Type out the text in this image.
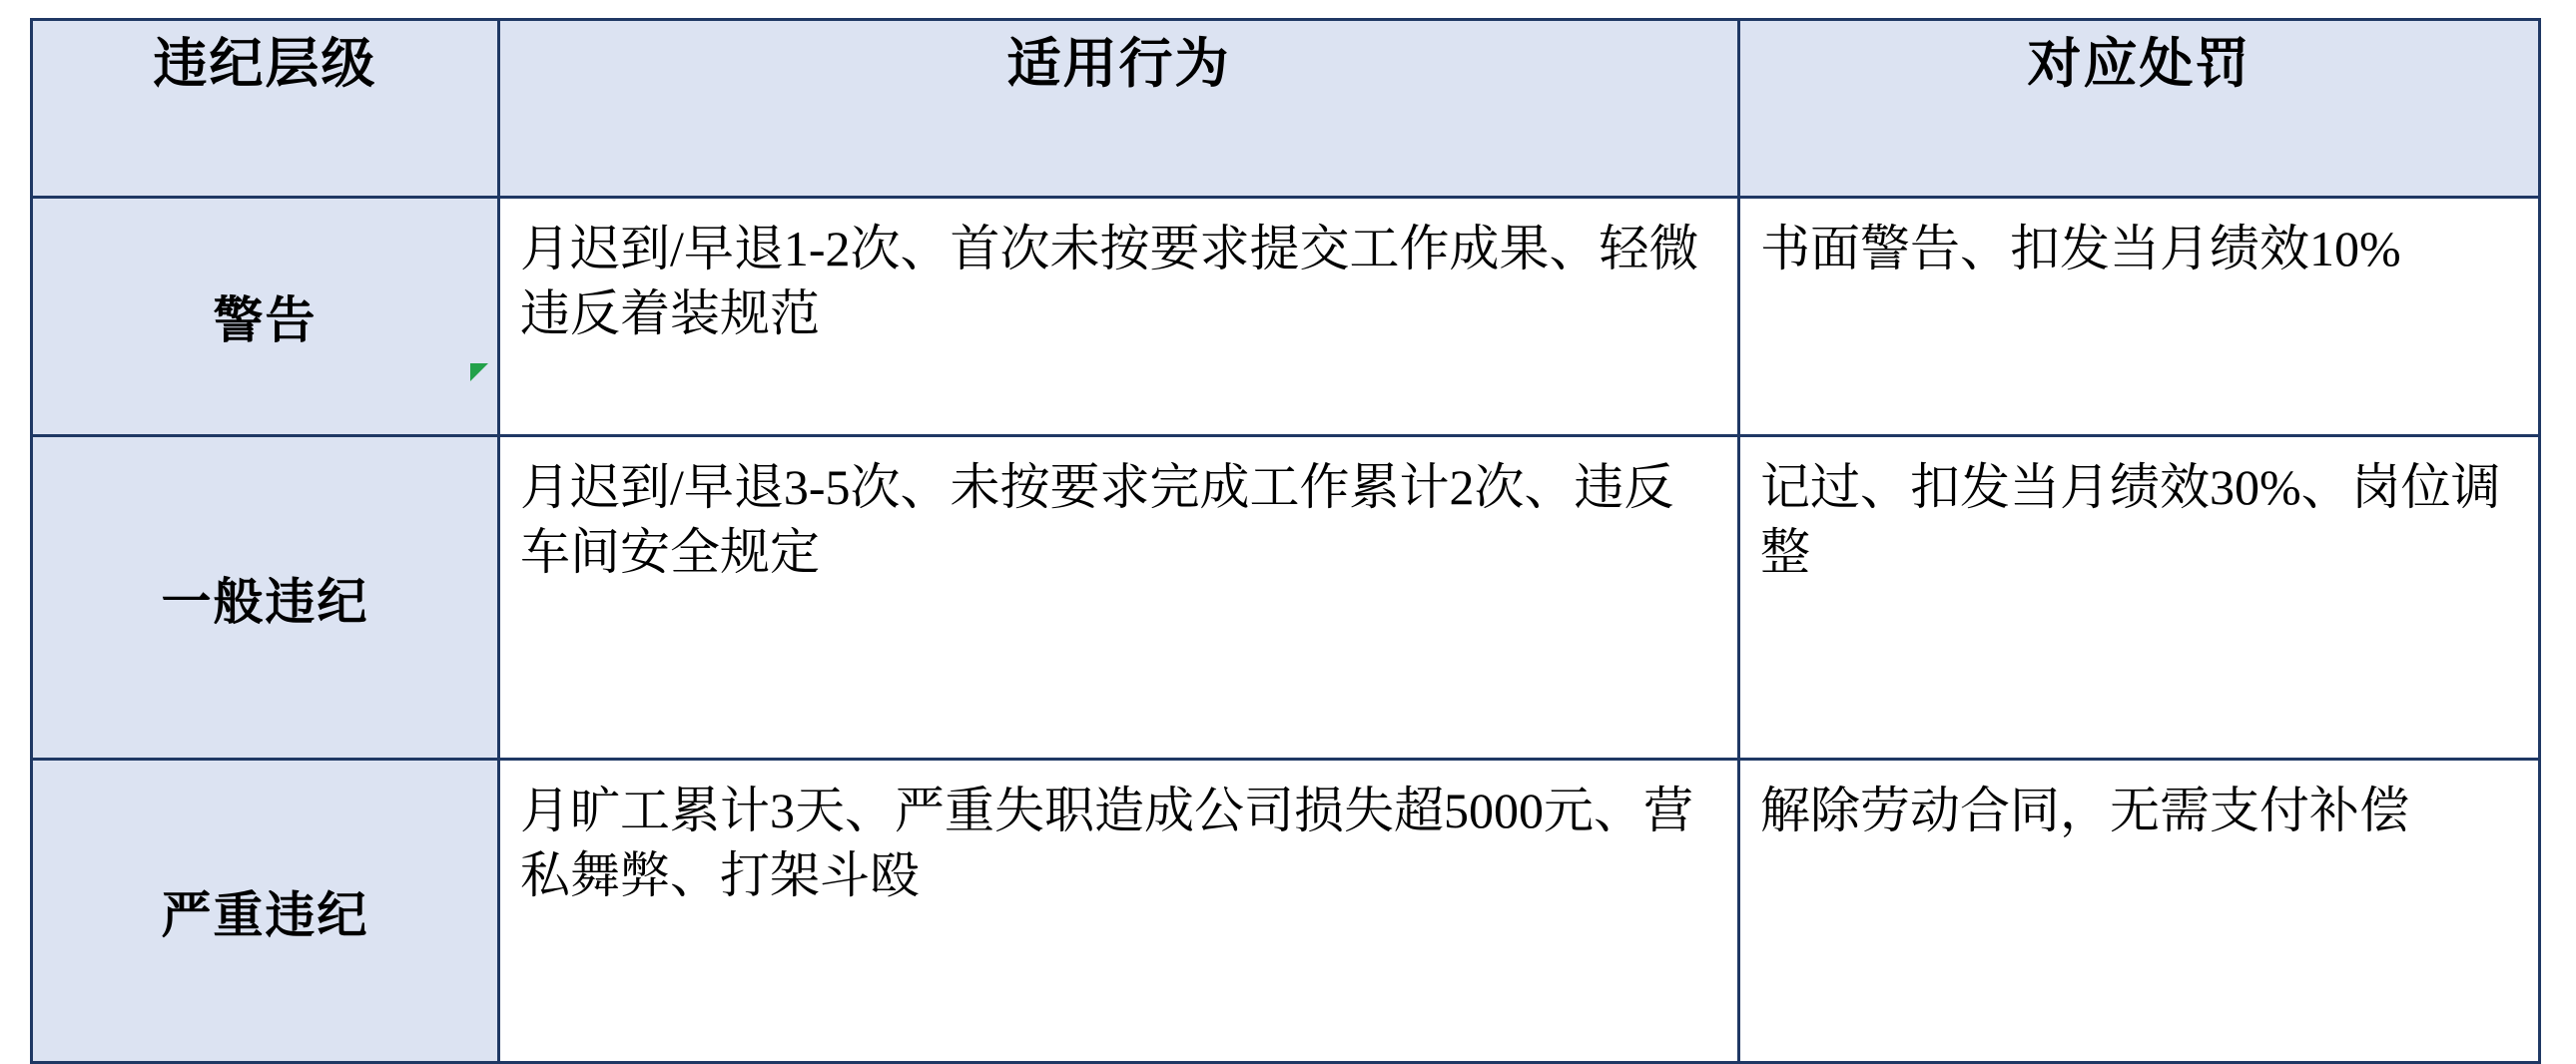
违纪层级	适用行为	对应处罚
警告	月迟到/早退1-2次、首次未按要求提交工作成果、轻微违反着装规范	书面警告、扣发当月绩效10%

一般违纪	月迟到/早退3-5次、未按要求完成工作累计2次、违反车间安全规定	记过、扣发当月绩效30%、岗位调整

严重违纪	月旷工累计3天、严重失职造成公司损失超5000元、营私舞弊、打架斗殴	解除劳动合同，无需支付补偿
